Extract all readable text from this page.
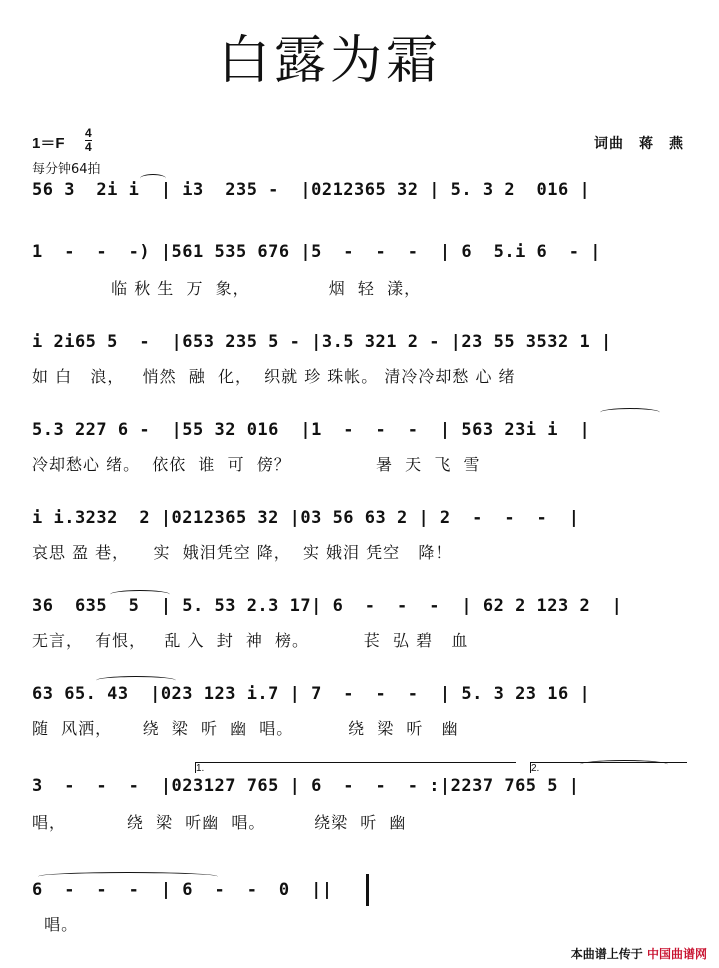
白露为霜
$1=F \frac{4}{4}$
每分钟64拍
词曲　蒋　燕
56 3  2i i  | i3  235 -  |0212365 32 | 5. 3 2  016 |
1  -  -  -) |561 535 676 |5  -  -  -  | 6  5.i 6  - |
临 秋 生  万  象，             烟  轻  漾，
i 2i65 5  -  |653 235 5 - |3.5 321 2 - |23 55 3532 1 |
如 白   浪，   悄然  融  化，  织就 珍 珠帐。 清冷冷却愁 心 绪
5.3 227 6 -  |55 32 016  |1  -  -  -  | 563 23i i  |
冷却愁心 绪。  依依  谁  可  傍？              暑  天  飞  雪
i i.3232  2 |0212365 32 |03 56 63 2 | 2  -  -  -  |
哀思 盈 巷，    实  娥泪凭空 降，  实 娥泪 凭空   降！
36  635  5  | 5. 53 2.3 17| 6  -  -  -  | 62 2 123 2  |
无言，  有恨，   乱 入  封  神  榜。         苌  弘 碧   血
63 65. 43  |023 123 i.7 | 7  -  -  -  | 5. 3 23 16 |
随  风洒，     绕  梁  听  幽  唱。         绕  梁  听   幽
3  -  -  -  |023127 765 | 6  -  -  - :|2237 765 5 |
唱，          绕  梁  听幽  唱。        绕梁  听  幽
1.	2.
6  -  -  -  | 6  -  -  0  ||
唱。
本曲谱上传于 中国曲谱网
